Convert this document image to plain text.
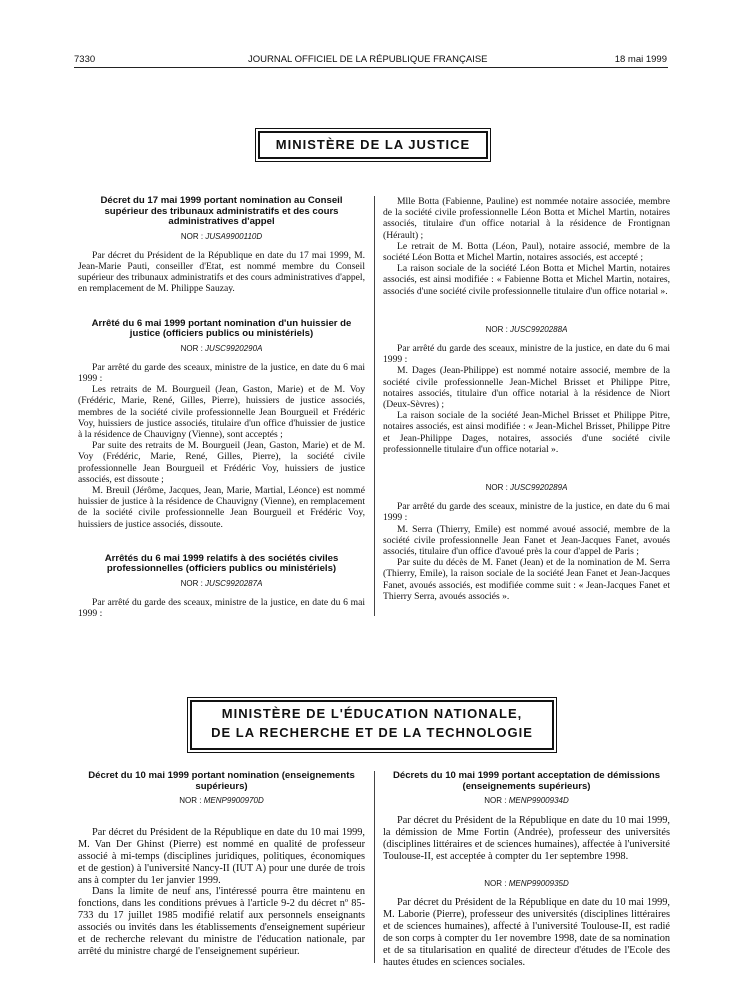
7330	JOURNAL OFFICIEL DE LA RÉPUBLIQUE FRANÇAISE	18 mai 1999
MINISTÈRE DE LA JUSTICE
Décret du 17 mai 1999 portant nomination au Conseil supérieur des tribunaux administratifs et des cours administratives d'appel
NOR : JUSA9900110D

Par décret du Président de la République en date du 17 mai 1999, M. Jean-Marie Pauti, conseiller d'Etat, est nommé membre du Conseil supérieur des tribunaux administratifs et des cours administratives d'appel, en remplacement de M. Philippe Sauzay.

Arrêté du 6 mai 1999 portant nomination d'un huissier de justice (officiers publics ou ministériels)
NOR : JUSC9920290A

Par arrêté du garde des sceaux, ministre de la justice, en date du 6 mai 1999 :

Les retraits de M. Bourgueil (Jean, Gaston, Marie) et de M. Voy (Frédéric, Marie, René, Gilles, Pierre), huissiers de justice associés, membres de la société civile professionnelle Jean Bourgueil et Frédéric Voy, huissiers de justice associés, titulaire d'un office d'huissier de justice à la résidence de Chauvigny (Vienne), sont acceptés ;

Par suite des retraits de M. Bourgueil (Jean, Gaston, Marie) et de M. Voy (Frédéric, Marie, René, Gilles, Pierre), la société civile professionnelle Jean Bourgueil et Frédéric Voy, huissiers de justice associés, est dissoute ;

M. Breuil (Jérôme, Jacques, Jean, Marie, Martial, Léonce) est nommé huissier de justice à la résidence de Chauvigny (Vienne), en remplacement de la société civile professionnelle Jean Bourgueil et Frédéric Voy, huissiers de justice associés, dissoute.

Arrêtés du 6 mai 1999 relatifs à des sociétés civiles professionnelles (officiers publics ou ministériels)
NOR : JUSC9920287A

Par arrêté du garde des sceaux, ministre de la justice, en date du 6 mai 1999 :

Mlle Botta (Fabienne, Pauline) est nommée notaire associée, membre de la société civile professionnelle Léon Botta et Michel Martin, notaires associés, titulaire d'un office notarial à la résidence de Frontignan (Hérault) ;

Le retrait de M. Botta (Léon, Paul), notaire associé, membre de la société Léon Botta et Michel Martin, notaires associés, est accepté ;

La raison sociale de la société Léon Botta et Michel Martin, notaires associés, est ainsi modifiée : « Fabienne Botta et Michel Martin, notaires, associés d'une société civile professionnelle titulaire d'un office notarial ».

NOR : JUSC9920288A

Par arrêté du garde des sceaux, ministre de la justice, en date du 6 mai 1999 :

M. Dages (Jean-Philippe) est nommé notaire associé, membre de la société civile professionnelle Jean-Michel Brisset et Philippe Pitre, notaires associés, titulaire d'un office notarial à la résidence de Niort (Deux-Sèvres) ;

La raison sociale de la société Jean-Michel Brisset et Philippe Pitre, notaires associés, est ainsi modifiée : « Jean-Michel Brisset, Philippe Pitre et Jean-Philippe Dages, notaires, associés d'une société civile professionnelle titulaire d'un office notarial ».

NOR : JUSC9920289A

Par arrêté du garde des sceaux, ministre de la justice, en date du 6 mai 1999 :

M. Serra (Thierry, Emile) est nommé avoué associé, membre de la société civile professionnelle Jean Fanet et Jean-Jacques Fanet, avoués associés, titulaire d'un office d'avoué près la cour d'appel de Paris ;

Par suite du décès de M. Fanet (Jean) et de la nomination de M. Serra (Thierry, Emile), la raison sociale de la société Jean Fanet et Jean-Jacques Fanet, avoués associés, est modifiée comme suit : « Jean-Jacques Fanet et Thierry Serra, avoués associés ».

MINISTÈRE DE L'ÉDUCATION NATIONALE,
DE LA RECHERCHE ET DE LA TECHNOLOGIE
Décret du 10 mai 1999 portant nomination (enseignements supérieurs)
NOR : MENP9900970D

Par décret du Président de la République en date du 10 mai 1999, M. Van Der Ghinst (Pierre) est nommé en qualité de professeur associé à mi-temps (disciplines juridiques, politiques, économiques et de gestion) à l'université Nancy-II (IUT A) pour une durée de trois ans à compter du 1er janvier 1999.

Dans la limite de neuf ans, l'intéressé pourra être maintenu en fonctions, dans les conditions prévues à l'article 9-2 du décret nº 85-733 du 17 juillet 1985 modifié relatif aux personnels enseignants associés ou invités dans les établissements d'enseignement supérieur et de recherche relevant du ministre de l'éducation nationale, par arrêté du ministre chargé de l'enseignement supérieur.

Décrets du 10 mai 1999 portant acceptation de démissions (enseignements supérieurs)
NOR : MENP9900934D

Par décret du Président de la République en date du 10 mai 1999, la démission de Mme Fortin (Andrée), professeur des universités (disciplines littéraires et de sciences humaines), affectée à l'université Toulouse-II, est acceptée à compter du 1er septembre 1998.

NOR : MENP9900935D

Par décret du Président de la République en date du 10 mai 1999, M. Laborie (Pierre), professeur des universités (disciplines littéraires et de sciences humaines), affecté à l'université Toulouse-II, est radié de son corps à compter du 1er novembre 1998, date de sa nomination et de sa titularisation en qualité de directeur d'études de l'Ecole des hautes études en sciences sociales.
